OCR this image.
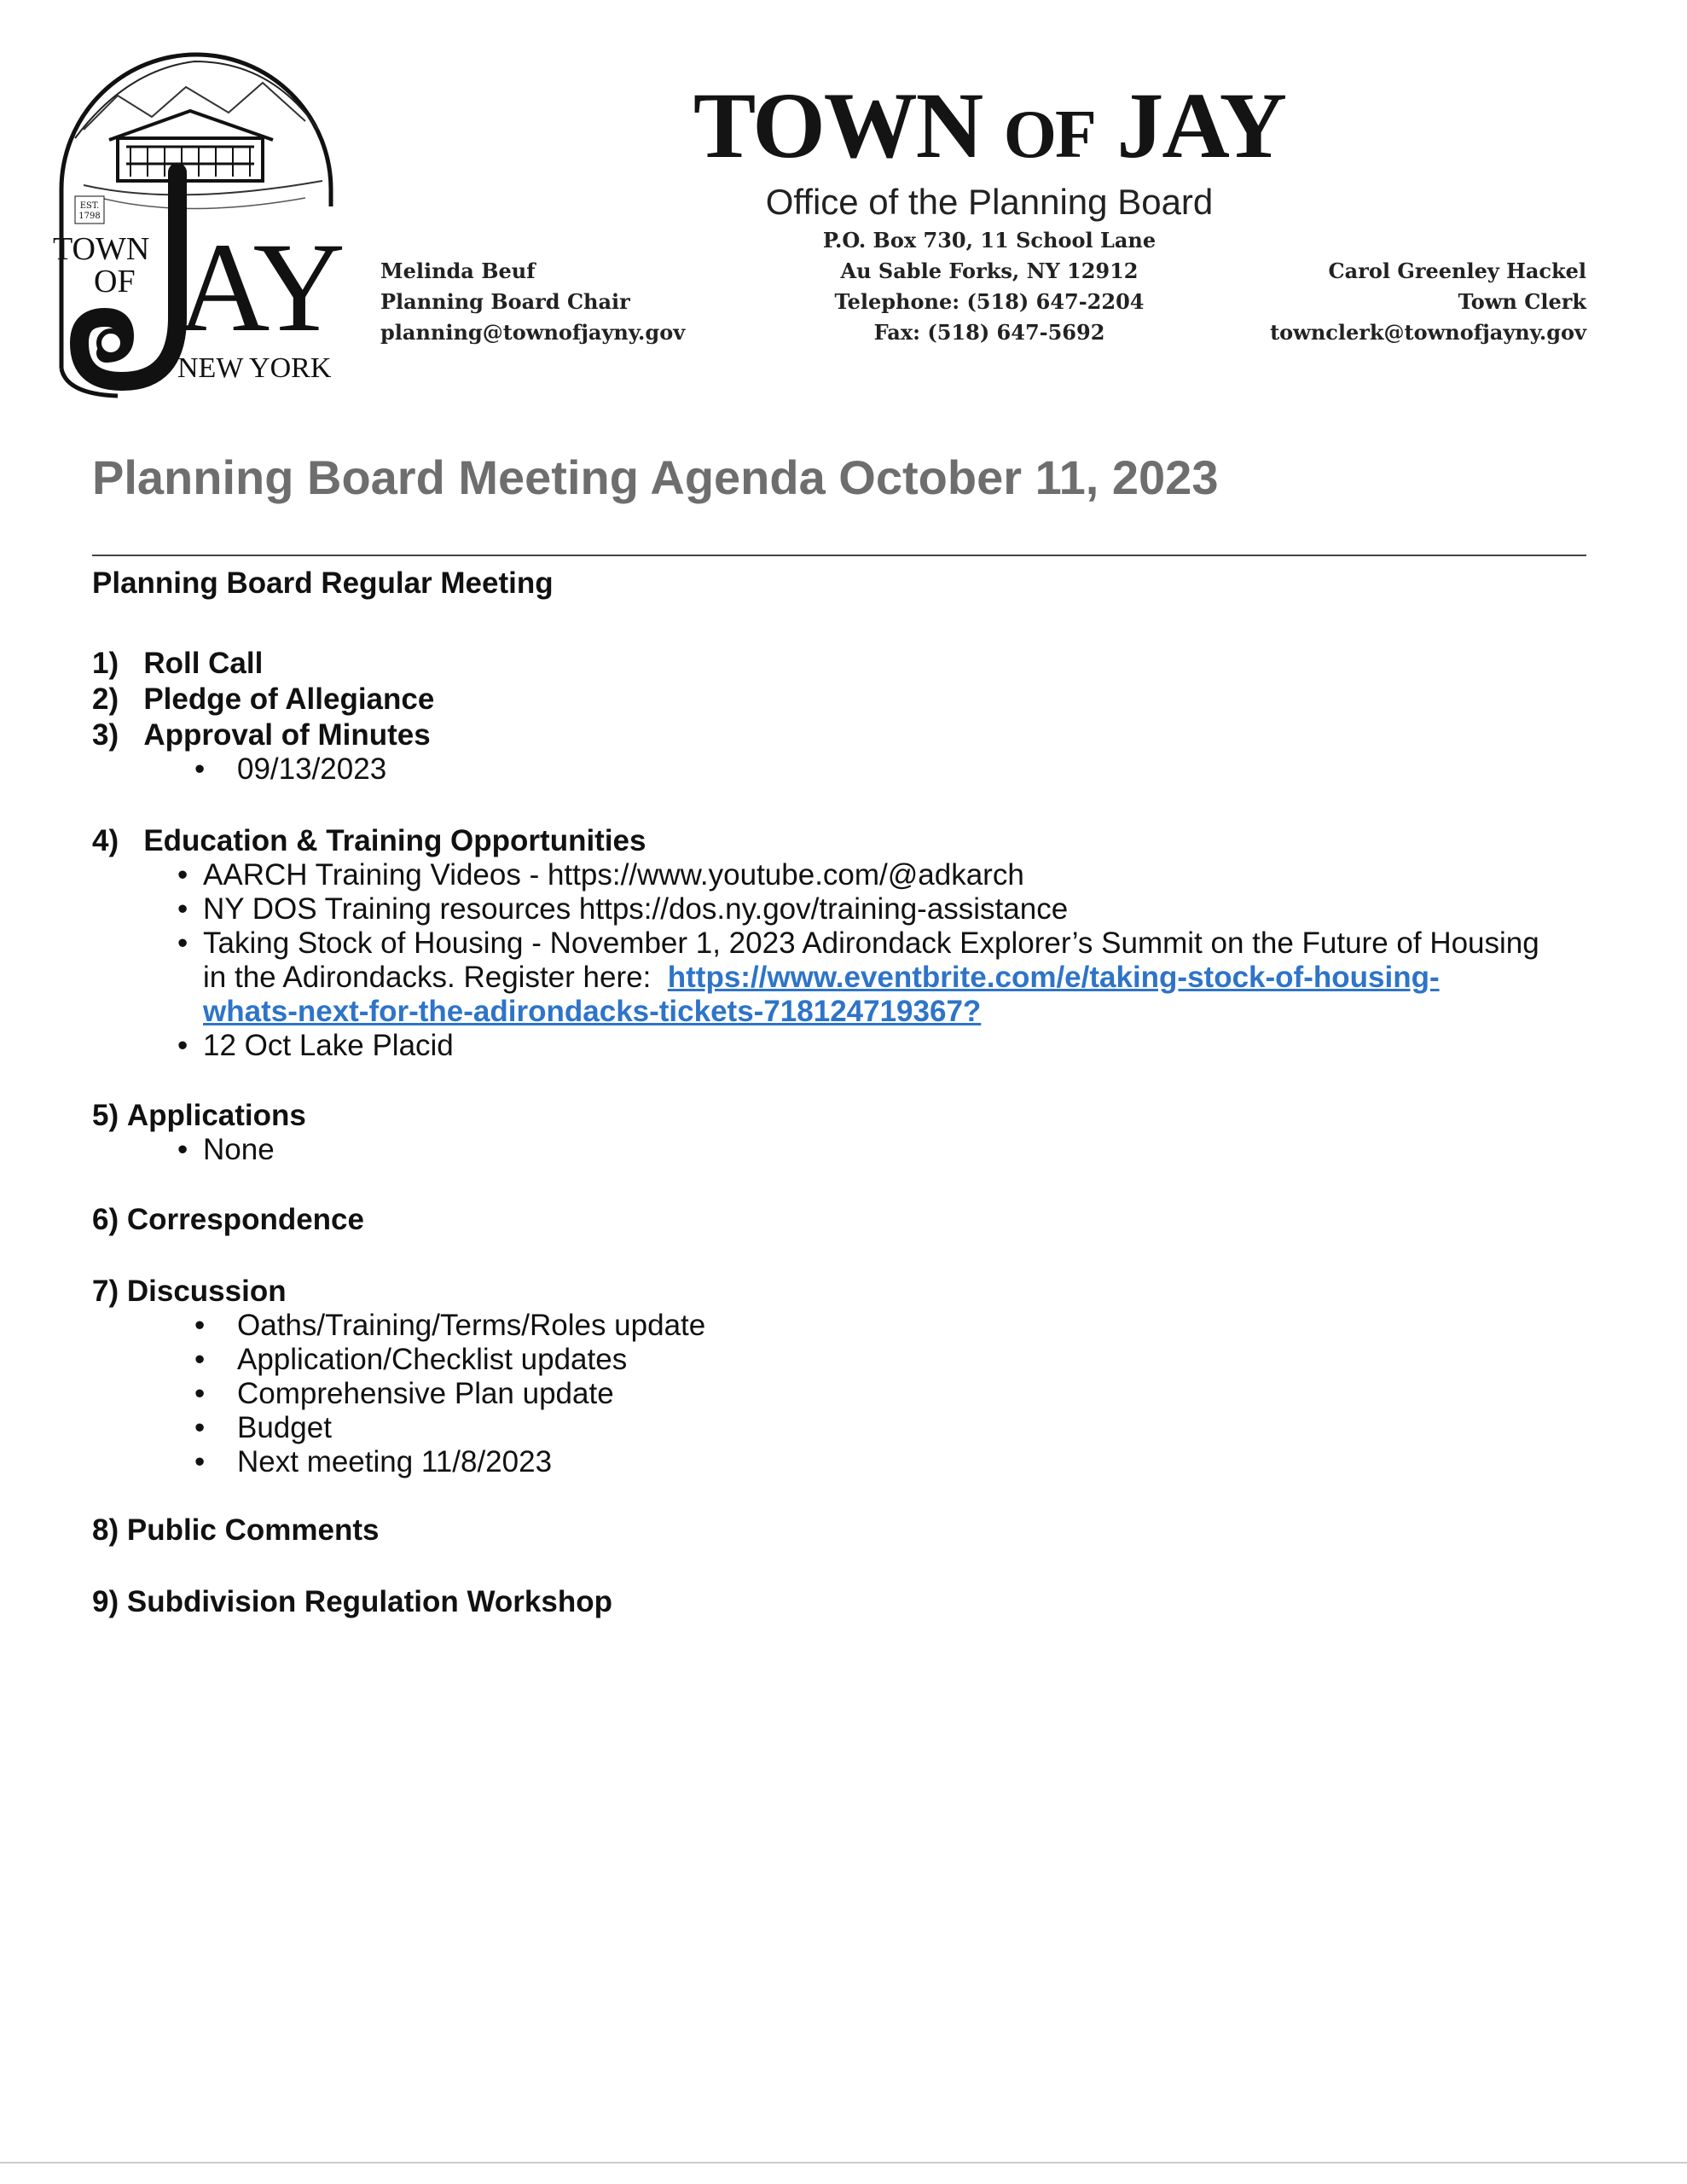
EST.
1798
TOWN
OF AY
NEW YORK
TOWN OF JAY
Office of the Planning Board
P.O. Box 730, 11 School Lane
Au Sable Forks, NY 12912
Telephone: (518) 647-2204
Fax: (518) 647-5692
Melinda Beuf
Planning Board Chair
planning@townofjayny.gov
Carol Greenley Hackel
Town Clerk
townclerk@townofjayny.gov
Planning Board Meeting Agenda October 11, 2023
Planning Board Regular Meeting
1) Roll Call
2) Pledge of Allegiance
3) Approval of Minutes
• 09/13/2023
4) Education & Training Opportunities
• AARCH Training Videos - https://www.youtube.com/@adkarch
• NY DOS Training resources https://dos.ny.gov/training-assistance
• Taking Stock of Housing - November 1, 2023 Adirondack Explorer’s Summit on the Future of Housing
in the Adirondacks. Register here: https://www.eventbrite.com/e/taking-stock-of-housing-
whats-next-for-the-adirondacks-tickets-718124719367?
• 12 Oct Lake Placid
5) Applications
• None
6) Correspondence
7) Discussion
• Oaths/Training/Terms/Roles update
• Application/Checklist updates
• Comprehensive Plan update
• Budget
• Next meeting 11/8/2023
8) Public Comments
9) Subdivision Regulation Workshop
